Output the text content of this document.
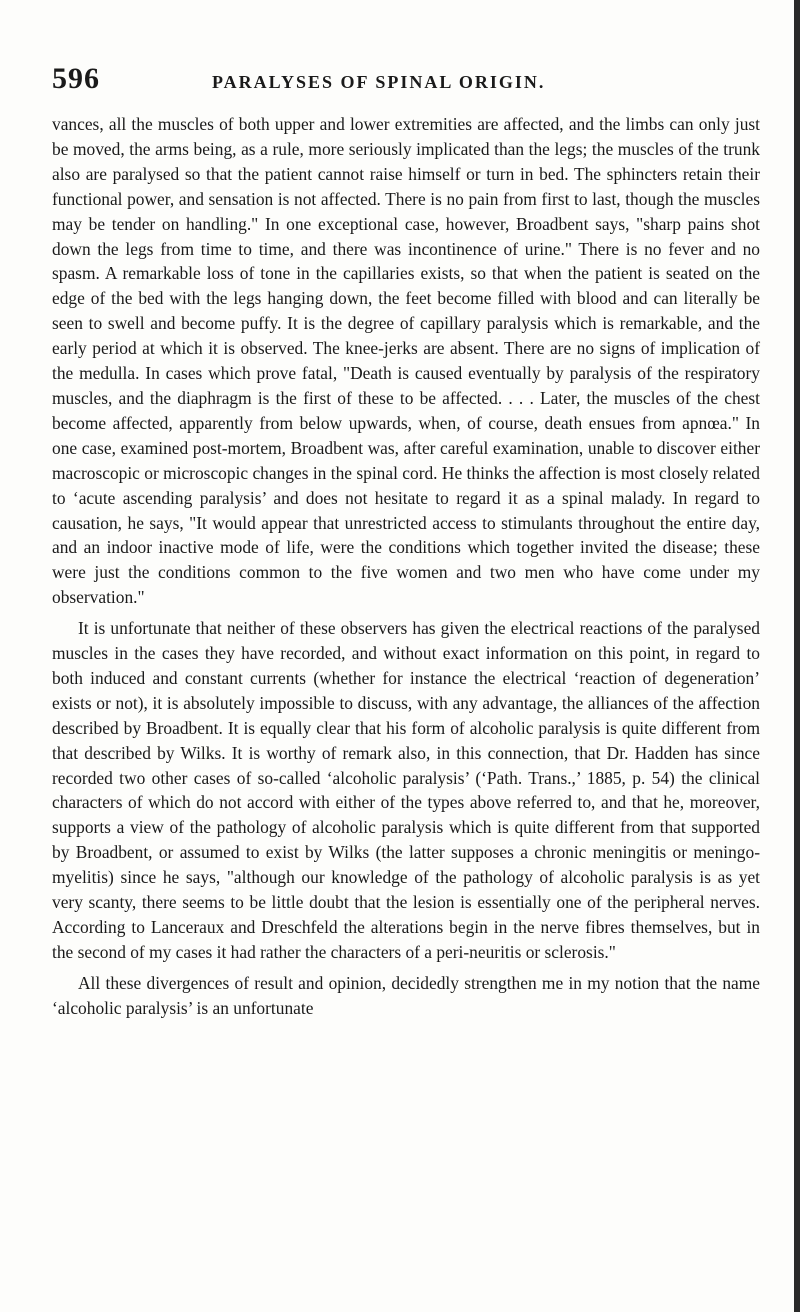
596	PARALYSES OF SPINAL ORIGIN.

vances, all the muscles of both upper and lower extremities are affected, and the limbs can only just be moved, the arms being, as a rule, more seriously implicated than the legs; the muscles of the trunk also are paralysed so that the patient cannot raise himself or turn in bed. The sphincters retain their functional power, and sensation is not affected. There is no pain from first to last, though the muscles may be tender on handling." In one exceptional case, however, Broadbent says, "sharp pains shot down the legs from time to time, and there was incontinence of urine." There is no fever and no spasm. A remarkable loss of tone in the capillaries exists, so that when the patient is seated on the edge of the bed with the legs hanging down, the feet become filled with blood and can literally be seen to swell and become puffy. It is the degree of capillary paralysis which is remarkable, and the early period at which it is observed. The knee-jerks are absent. There are no signs of implication of the medulla. In cases which prove fatal, "Death is caused eventually by paralysis of the respiratory muscles, and the diaphragm is the first of these to be affected. . . . Later, the muscles of the chest become affected, apparently from below upwards, when, of course, death ensues from apnœa." In one case, examined post-mortem, Broadbent was, after careful examination, unable to discover either macroscopic or microscopic changes in the spinal cord. He thinks the affection is most closely related to ‘acute ascending paralysis’ and does not hesitate to regard it as a spinal malady. In regard to causation, he says, "It would appear that unrestricted access to stimulants throughout the entire day, and an indoor inactive mode of life, were the conditions which together invited the disease; these were just the conditions common to the five women and two men who have come under my observation."

It is unfortunate that neither of these observers has given the electrical reactions of the paralysed muscles in the cases they have recorded, and without exact information on this point, in regard to both induced and constant currents (whether for instance the electrical ‘reaction of degeneration’ exists or not), it is absolutely impossible to discuss, with any advantage, the alliances of the affection described by Broadbent. It is equally clear that his form of alcoholic paralysis is quite different from that described by Wilks. It is worthy of remark also, in this connection, that Dr. Hadden has since recorded two other cases of so-called ‘alcoholic paralysis’ (‘Path. Trans.,’ 1885, p. 54) the clinical characters of which do not accord with either of the types above referred to, and that he, moreover, supports a view of the pathology of alcoholic paralysis which is quite different from that supported by Broadbent, or assumed to exist by Wilks (the latter supposes a chronic meningitis or meningo-myelitis) since he says, "although our knowledge of the pathology of alcoholic paralysis is as yet very scanty, there seems to be little doubt that the lesion is essentially one of the peripheral nerves. According to Lanceraux and Dreschfeld the alterations begin in the nerve fibres themselves, but in the second of my cases it had rather the characters of a peri-neuritis or sclerosis."

All these divergences of result and opinion, decidedly strengthen me in my notion that the name ‘alcoholic paralysis’ is an unfortunate
